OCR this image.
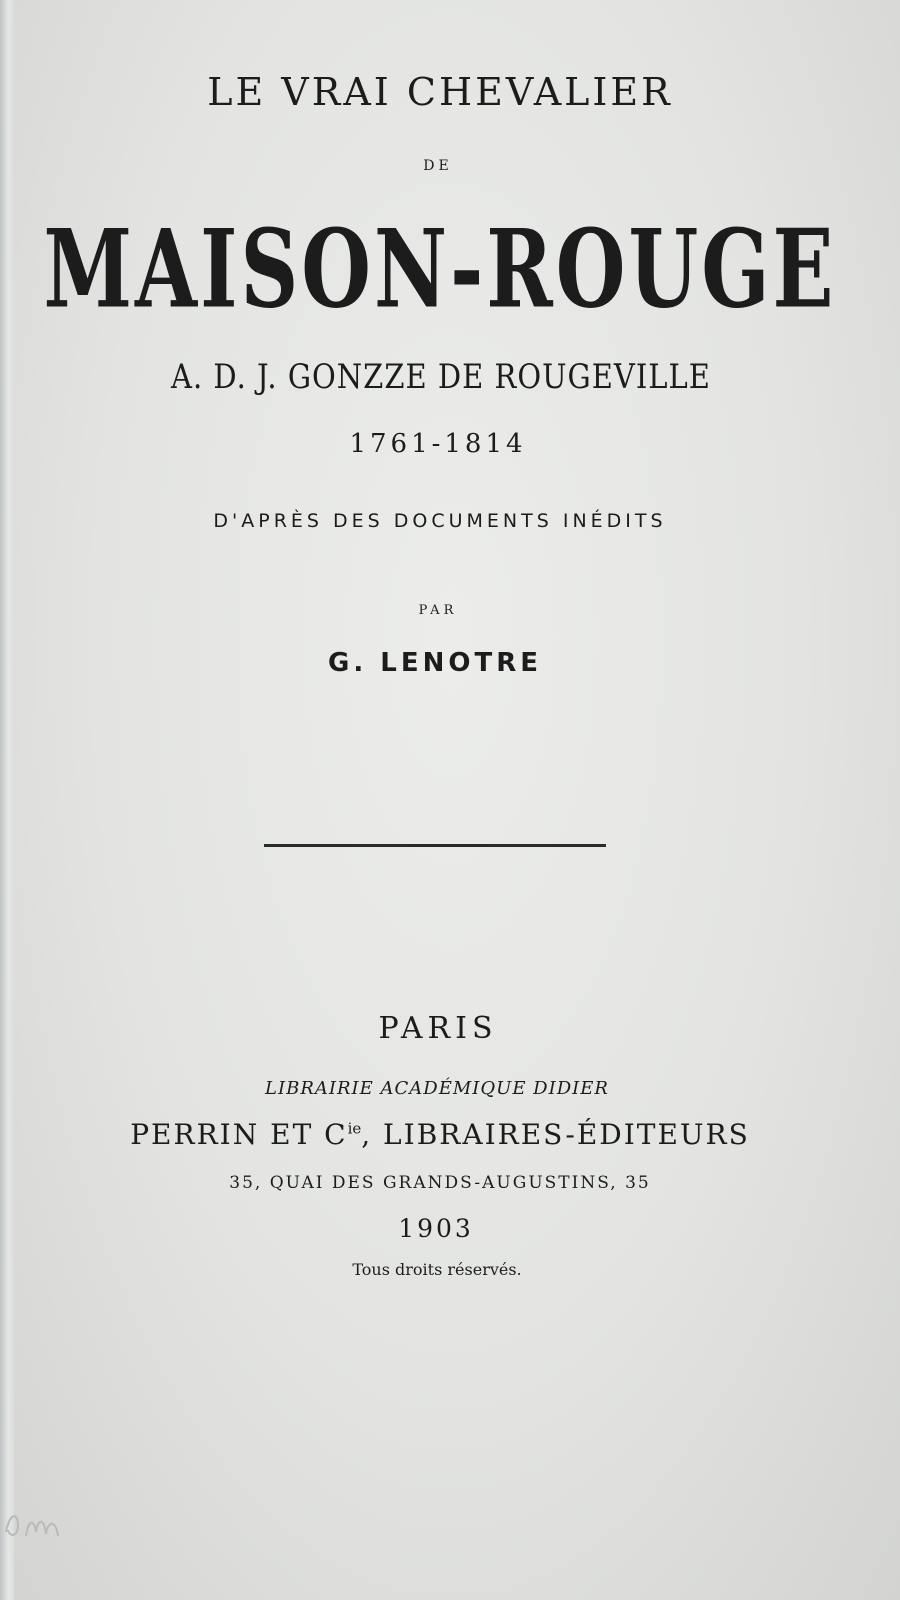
LE VRAI CHEVALIER
DE
MAISON-ROUGE
A. D. J. GONZZE DE ROUGEVILLE
1761-1814
D'APRÈS DES DOCUMENTS INÉDITS
PAR
G. LENOTRE
PARIS
LIBRAIRIE ACADÉMIQUE DIDIER
PERRIN ET $C^{ie}$, LIBRAIRES-ÉDITEURS
35, QUAI DES GRANDS-AUGUSTINS, 35
1903
Tous droits réservés.
